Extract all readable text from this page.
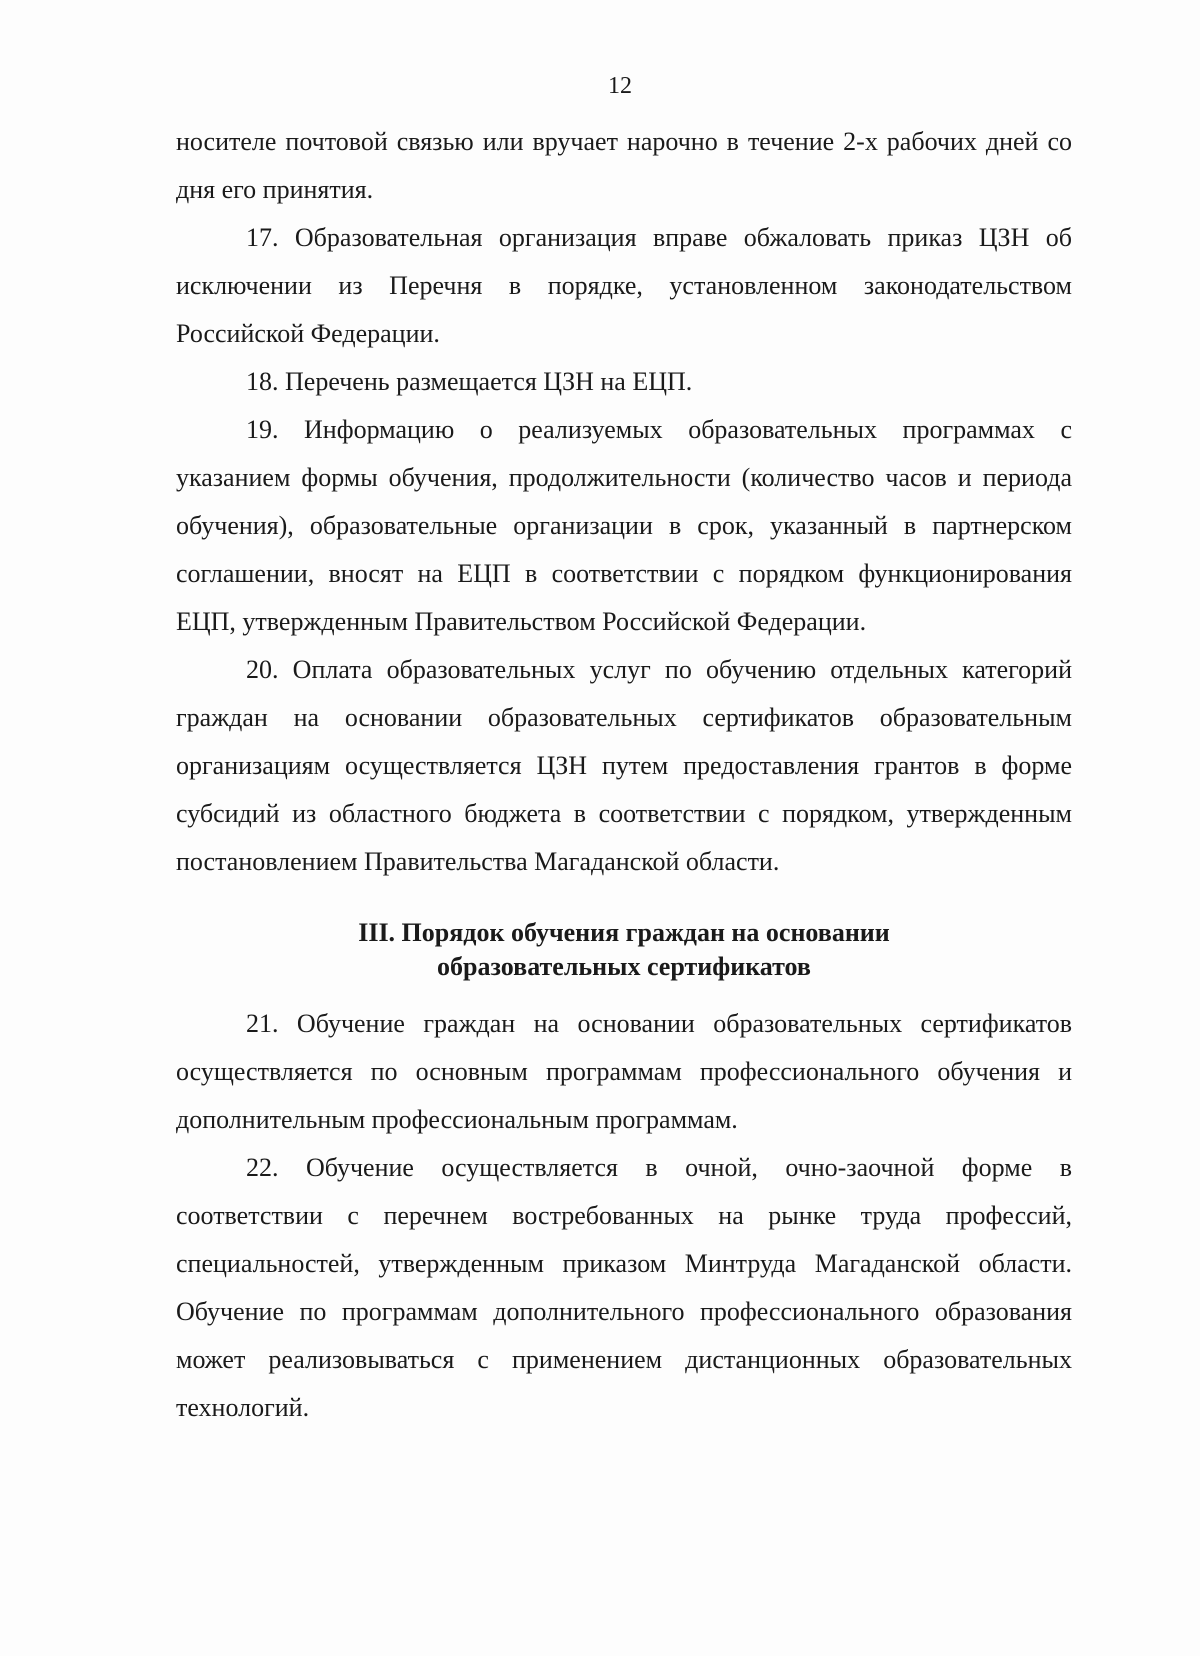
12

носителе почтовой связью или вручает нарочно в течение 2-х рабочих дней со дня его принятия.

17. Образовательная организация вправе обжаловать приказ ЦЗН об исключении из Перечня в порядке, установленном законодательством Российской Федерации.

18. Перечень размещается ЦЗН на ЕЦП.

19. Информацию о реализуемых образовательных программах с указанием формы обучения, продолжительности (количество часов и периода обучения), образовательные организации в срок, указанный в партнерском соглашении, вносят на ЕЦП в соответствии с порядком функционирования ЕЦП, утвержденным Правительством Российской Федерации.

20. Оплата образовательных услуг по обучению отдельных категорий граждан на основании образовательных сертификатов образовательным организациям осуществляется ЦЗН путем предоставления грантов в форме субсидий из областного бюджета в соответствии с порядком, утвержденным постановлением Правительства Магаданской области.

III. Порядок обучения граждан на основании
образовательных сертификатов

21. Обучение граждан на основании образовательных сертификатов осуществляется по основным программам профессионального обучения и дополнительным профессиональным программам.

22. Обучение осуществляется в очной, очно-заочной форме в соответствии с перечнем востребованных на рынке труда профессий, специальностей, утвержденным приказом Минтруда Магаданской области. Обучение по программам дополнительного профессионального образования может реализовываться с применением дистанционных образовательных технологий.
